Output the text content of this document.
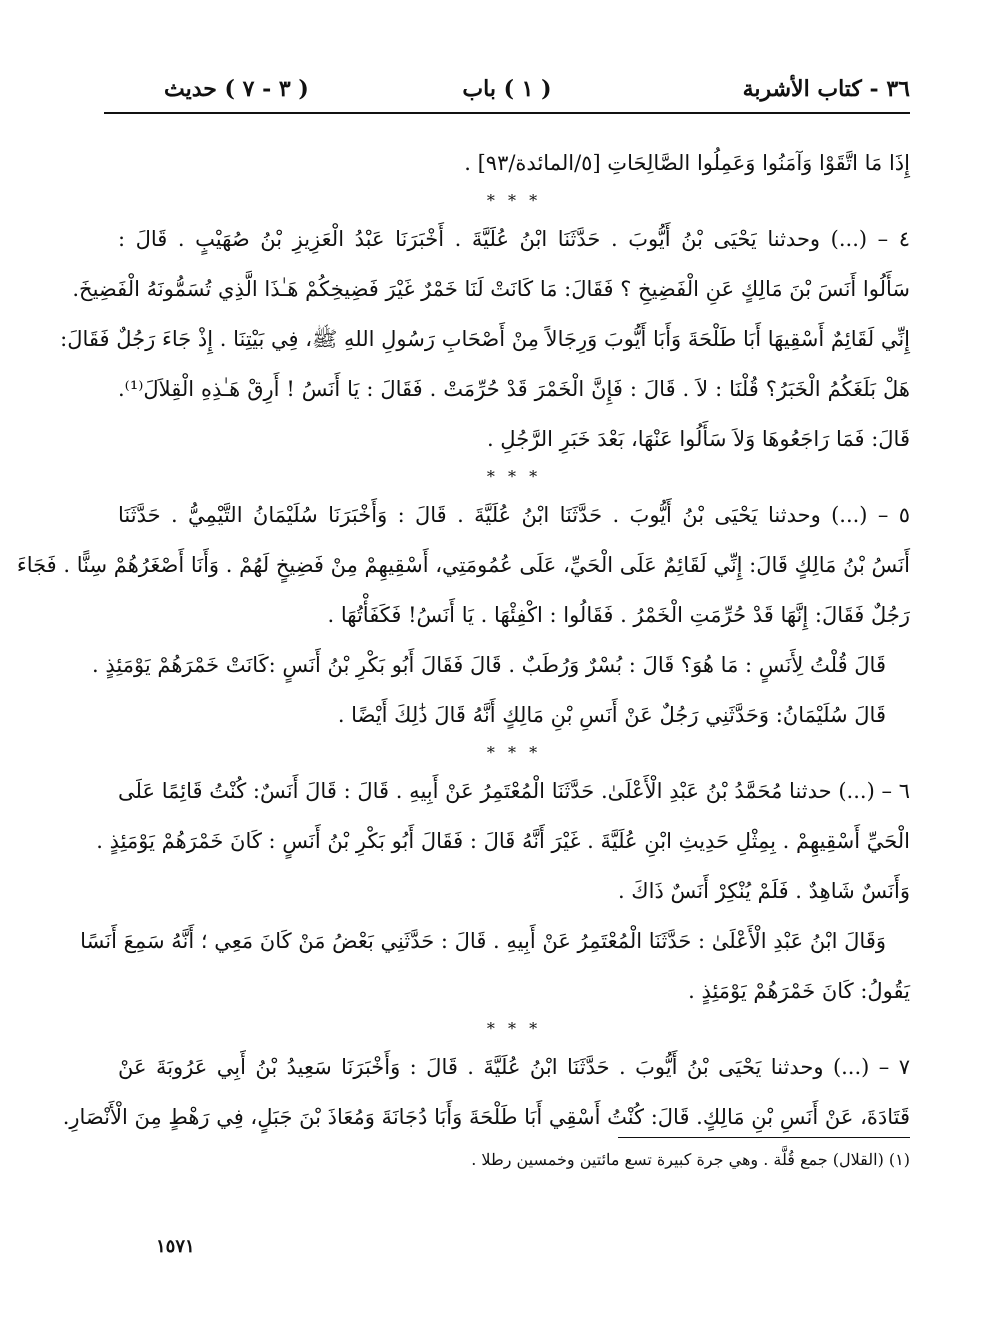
٣٦ - كتاب الأشربة
( ١ ) باب
( ٣ - ٧ ) حديث
إِذَا مَا اتَّقَوْا وَآمَنُوا وَعَمِلُوا الصَّالِحَاتِ [٥/المائدة/٩٣] .
* * *
٤ – (...) وحدثنا يَحْيَى بْنُ أَيُّوبَ . حَدَّثَنَا ابْنُ عُلَيَّةَ . أَخْبَرَنَا عَبْدُ الْعَزِيزِ بْنُ صُهَيْبٍ . قَالَ :
سَأَلُوا أَنَسَ بْنَ مَالِكٍ عَنِ الْفَضِيخِ ؟ فَقَالَ: مَا كَانَتْ لَنَا خَمْرٌ غَيْرَ فَضِيخِكُمْ هَـٰذَا الَّذِي تُسَمُّونَهُ الْفَضِيخَ.
إِنِّي لَقَائِمٌ أَسْقِيهَا أَبَا طَلْحَةَ وَأَبَا أَيُّوبَ وَرِجَالاً مِنْ أَصْحَابِ رَسُولِ اللهِ ﷺ، فِي بَيْتِنَا . إِذْ جَاءَ رَجُلٌ فَقَالَ:
هَلْ بَلَغَكُمُ الْخَبَرُ؟ قُلْنَا : لاَ . قَالَ : فَإِنَّ الْخَمْرَ قَدْ حُرِّمَتْ . فَقَالَ : يَا أَنَسُ ! أَرِقْ هَـٰذِهِ الْقِلاَلَ⁽¹⁾.
قَالَ: فَمَا رَاجَعُوهَا وَلاَ سَأَلُوا عَنْهَا، بَعْدَ خَبَرِ الرَّجُلِ .
* * *
٥ – (...) وحدثنا يَحْيَى بْنُ أَيُّوبَ . حَدَّثَنَا ابْنُ عُلَيَّةَ . قَالَ : وَأَخْبَرَنَا سُلَيْمَانُ التَّيْمِيُّ . حَدَّثَنَا
أَنَسُ بْنُ مَالِكٍ قَالَ: إِنِّي لَقَائِمٌ عَلَى الْحَيِّ، عَلَى عُمُومَتِي، أَسْقِيهِمْ مِنْ فَضِيخٍ لَهُمْ . وَأَنَا أَصْغَرُهُمْ سِنًّا . فَجَاءَ
رَجُلٌ فَقَالَ: إِنَّهَا قَدْ حُرِّمَتِ الْخَمْرُ . فَقَالُوا : اكْفِئْهَا . يَا أَنَسُ! فَكَفَأْتُهَا .
قَالَ قُلْتُ لِأَنَسٍ : مَا هُوَ؟ قَالَ : بُسْرٌ وَرُطَبٌ . قَالَ فَقَالَ أَبُو بَكْرِ بْنُ أَنَسٍ :كَانَتْ خَمْرَهُمْ يَوْمَئِذٍ .
قَالَ سُلَيْمَانُ: وَحَدَّثَنِي رَجُلٌ عَنْ أَنَسِ بْنِ مَالِكٍ أَنَّهُ قَالَ ذَٰلِكَ أَيْضًا .
* * *
٦ – (...) حدثنا مُحَمَّدُ بْنُ عَبْدِ الْأَعْلَىٰ. حَدَّثَنَا الْمُعْتَمِرُ عَنْ أَبِيهِ . قَالَ : قَالَ أَنَسٌ: كُنْتُ قَائِمًا عَلَى
الْحَيِّ أَسْقِيهِمْ . بِمِثْلِ حَدِيثِ ابْنِ عُلَيَّةَ . غَيْرَ أَنَّهُ قَالَ : فَقَالَ أَبُو بَكْرِ بْنُ أَنَسٍ : كَانَ خَمْرَهُمْ يَوْمَئِذٍ .
وَأَنَسٌ شَاهِدٌ . فَلَمْ يُنْكِرْ أَنَسٌ ذَاكَ .
وَقَالَ ابْنُ عَبْدِ الْأَعْلَىٰ : حَدَّثَنَا الْمُعْتَمِرُ عَنْ أَبِيهِ . قَالَ : حَدَّثَنِي بَعْضُ مَنْ كَانَ مَعِي ؛ أَنَّهُ سَمِعَ أَنَسًا
يَقُولُ: كَانَ خَمْرَهُمْ يَوْمَئِذٍ .
* * *
٧ – (...) وحدثنا يَحْيَى بْنُ أَيُّوبَ . حَدَّثَنَا ابْنُ عُلَيَّةَ . قَالَ : وَأَخْبَرَنَا سَعِيدُ بْنُ أَبِي عَرُوبَةَ عَنْ
قَتَادَةَ، عَنْ أَنَسِ بْنِ مَالِكٍ. قَالَ: كُنْتُ أَسْقِي أَبَا طَلْحَةَ وَأَبَا دُجَانَةَ وَمُعَاذَ بْنَ جَبَلٍ، فِي رَهْطٍ مِنَ الْأَنْصَارِ.
(١) (القلال) جمع قُلَّة . وهي جرة كبيرة تسع مائتين وخمسين رطلا .
١٥٧١
